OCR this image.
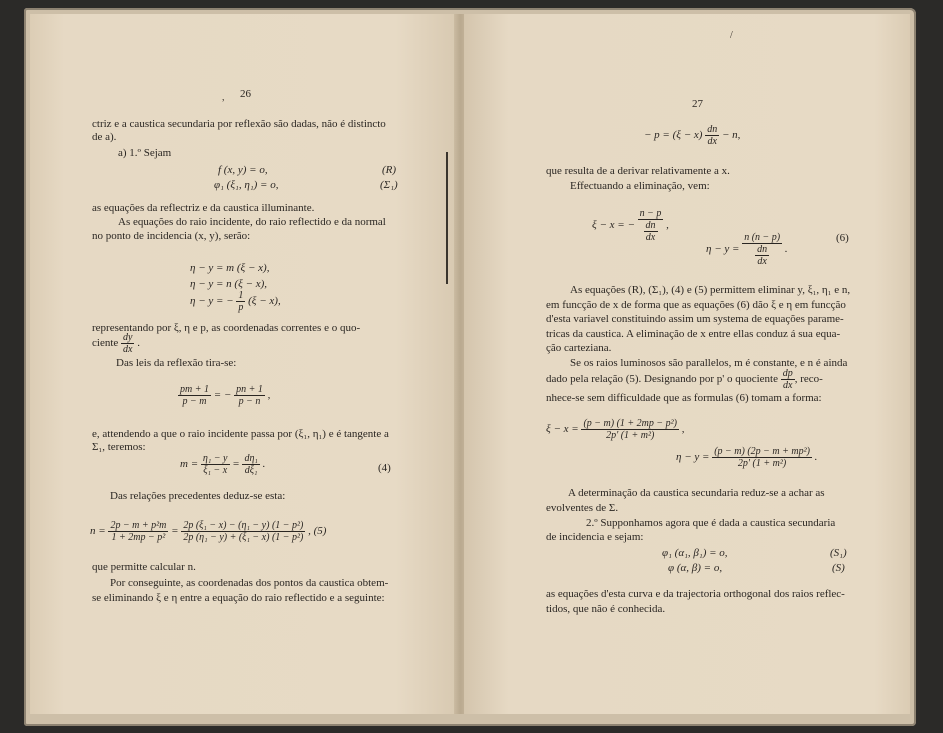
26
,
ctriz e a caustica secundaria por reflexão são dadas, não é distincto
de a).
a) 1.º Sejam
f (x, y) = o,	(R)
φ₁ (ξ₁, η₁) = o,	(Σ₁)
as equações da reflectriz e da caustica illuminante.
As equações do raio incidente, do raio reflectido e da normal
no ponto de incidencia (x, y), serão:
η − y = m (ξ − x),
η − y = n (ξ − x),
η − y = − $\frac{1}{p} (\xi - x)$,
representando por ξ, η e p, as coordenadas correntes e o quo-
ciente $\frac{dy}{dx}$ .
Das leis da reflexão tira-se:
$\frac{pm + 1}{p - m}$ = − $\frac{pn + 1}{p - n}$ ,
e, attendendo a que o raio incidente passa por (ξ₁, η₁) e é tangente a
Σ₁, teremos:
$m = \frac{\text{η₁ − y}}{\text{ξ₁ − x}} = \frac{\text{dη₁}}{\text{dξ₁}}$ .	(4)
Das relações precedentes deduz-se esta:
$n = \frac{\text{2p − m + p²m}}{\text{1 + 2mp − p²}} = \frac{\text{2p (ξ₁ − x) − (η₁ − y) (1 − p²)}}{\text{2p (η₁ − y) + (ξ₁ − x) (1 − p²)}}$ , (5)
que permitte calcular n.
Por conseguinte, as coordenadas dos pontos da caustica obtem-
se eliminando ξ e η entre a equação do raio reflectido e a seguinte:
27
/
− $p = (\xi - x) \frac{dn}{dx} - n$,
que resulta de a derivar relativamente a x.
Effectuando a eliminação, vem:
ξ − x = −
n − p
$\frac{dn}{dx}$ ,
η − y =
n (n − p)
$\frac{dn}{dx}$ .
(6)
As equações (R), (Σ₁), (4) e (5) permittem eliminar y, ξ₁, η₁ e n,
em funcção de x de forma que as equações (6) dão ξ e η em funcção
d'esta variavel constituindo assim um systema de equações parame-
tricas da caustica. A eliminação de x entre ellas conduz á sua equa-
ção carteziana.
Se os raios luminosos são parallelos, m é constante, e n é ainda
dado pela relação (5). Designando por p' o quociente $\frac{dp}{dx}$ , reco-
nhece-se sem difficuldade que as formulas (6) tomam a forma:
$\xi - x = \frac{\text{(p − m) (1 + 2mp − p²)}}{\text{2p' (1 + m²)}}$ ,
$\eta - y = \frac{\text{(p − m) (2p − m + mp²)}}{\text{2p' (1 + m²)}}$ .
A determinação da caustica secundaria reduz-se a achar as
evolventes de Σ.
2.º Supponhamos agora que é dada a caustica secundaria
de incidencia e sejam:
φ₁ (α₁, β₁) = o,	(S₁)
φ (α, β) = o,	(S)
as equações d'esta curva e da trajectoria orthogonal dos raios reflec-
tidos, que não é conhecida.
